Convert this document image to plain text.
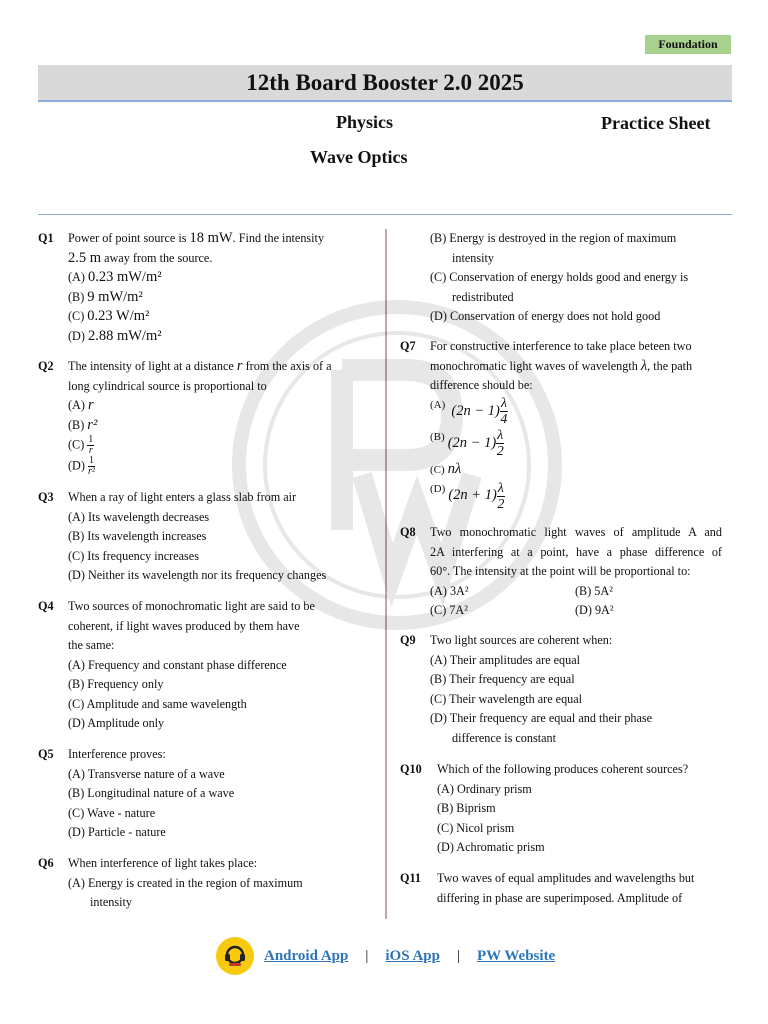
Foundation
12th Board Booster 2.0 2025
Physics	Practice Sheet
Wave Optics
Q1 Power of point source is 18 mW. Find the intensity
2.5 m away from the source.
(A) 0.23 mW/m²
(B) 9 mW/m²
(C) 0.23 W/m²
(D) 2.88 mW/m²
Q2 The intensity of light at a distance r from the axis of a
long cylindrical source is proportional to
(A) r
(B) r²
$(C) \frac{1}{r}$
$(D) \frac{1}{\text{r²}}$
Q3 When a ray of light enters a glass slab from air
(A) Its wavelength decreases
(B) Its wavelength increases
(C) Its frequency increases
(D) Neither its wavelength nor its frequency changes
Q4 Two sources of monochromatic light are said to be
coherent, if light waves produced by them have
the same:
(A) Frequency and constant phase difference
(B) Frequency only
(C) Amplitude and same wavelength
(D) Amplitude only
Q5 Interference proves:
(A) Transverse nature of a wave
(B) Longitudinal nature of a wave
(C) Wave - nature
(D) Particle - nature
Q6 When interference of light takes place:
(A) Energy is created in the region of maximum
intensity
(B) Energy is destroyed in the region of maximum
intensity
(C) Conservation of energy holds good and energy is
redistributed
(D) Conservation of energy does not hold good
Q7 For constructive interference to take place beteen two
monochromatic light waves of wavelength λ, the path
difference should be:
(A)
$(2n - 1) \frac{\lambda}{4}$
(B)
$(2n - 1) \frac{\lambda}{2}$
(C) nλ
(D)
$(2n + 1) \frac{\lambda}{2}$
Q8 Two monochromatic light waves of amplitude A and
2A interfering at a point, have a phase difference of
60°. The intensity at the point will be proportional to:
(A) 3A²	(B) 5A²
(C) 7A²	(D) 9A²
Q9 Two light sources are coherent when:
(A) Their amplitudes are equal
(B) Their frequency are equal
(C) Their wavelength are equal
(D) Their frequency are equal and their phase
difference is constant
Q10 Which of the following produces coherent sources?
(A) Ordinary prism
(B) Biprism
(C) Nicol prism
(D) Achromatic prism
Q11 Two waves of equal amplitudes and wavelengths but
differing in phase are superimposed. Amplitude of
Android App | iOS App | PW Website
